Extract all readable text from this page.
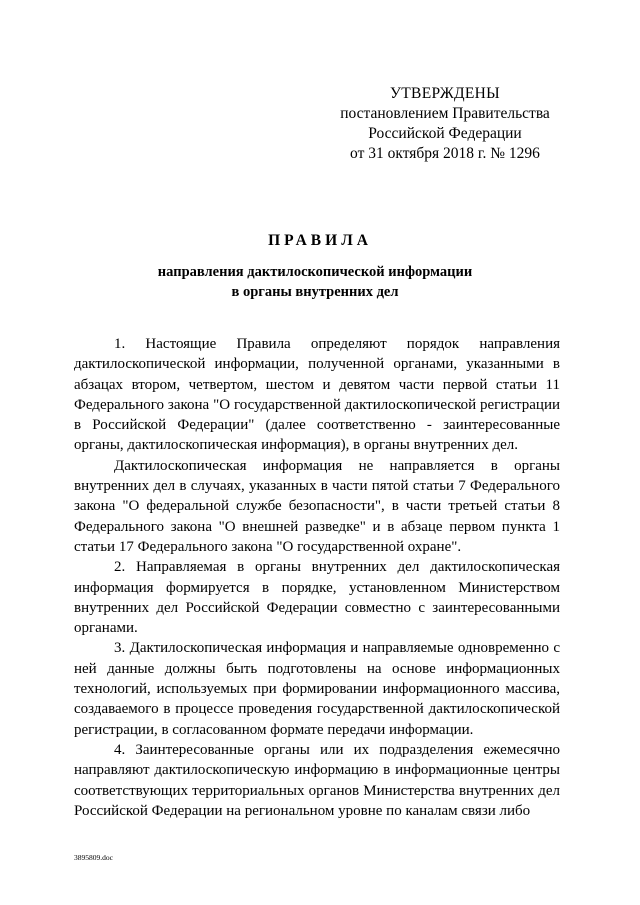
УТВЕРЖДЕНЫ
постановлением Правительства
Российской Федерации
от 31 октября 2018 г. № 1296
ПРАВИЛА
направления дактилоскопической информации
в органы внутренних дел

1. Настоящие Правила определяют порядок направления дактилоскопической информации, полученной органами, указанными в абзацах втором, четвертом, шестом и девятом части первой статьи 11 Федерального закона "О государственной дактилоскопической регистрации в Российской Федерации" (далее соответственно - заинтересованные органы, дактилоскопическая информация), в органы внутренних дел.

Дактилоскопическая информация не направляется в органы внутренних дел в случаях, указанных в части пятой статьи 7 Федерального закона "О федеральной службе безопасности", в части третьей статьи 8 Федерального закона "О внешней разведке" и в абзаце первом пункта 1 статьи 17 Федерального закона "О государственной охране".

2. Направляемая в органы внутренних дел дактилоскопическая информация формируется в порядке, установленном Министерством внутренних дел Российской Федерации совместно с заинтересованными органами.

3. Дактилоскопическая информация и направляемые одновременно с ней данные должны быть подготовлены на основе информационных технологий, используемых при формировании информационного массива, создаваемого в процессе проведения государственной дактилоскопической регистрации, в согласованном формате передачи информации.

4. Заинтересованные органы или их подразделения ежемесячно направляют дактилоскопическую информацию в информационные центры соответствующих территориальных органов Министерства внутренних дел Российской Федерации на региональном уровне по каналам связи либо

3895809.doc
